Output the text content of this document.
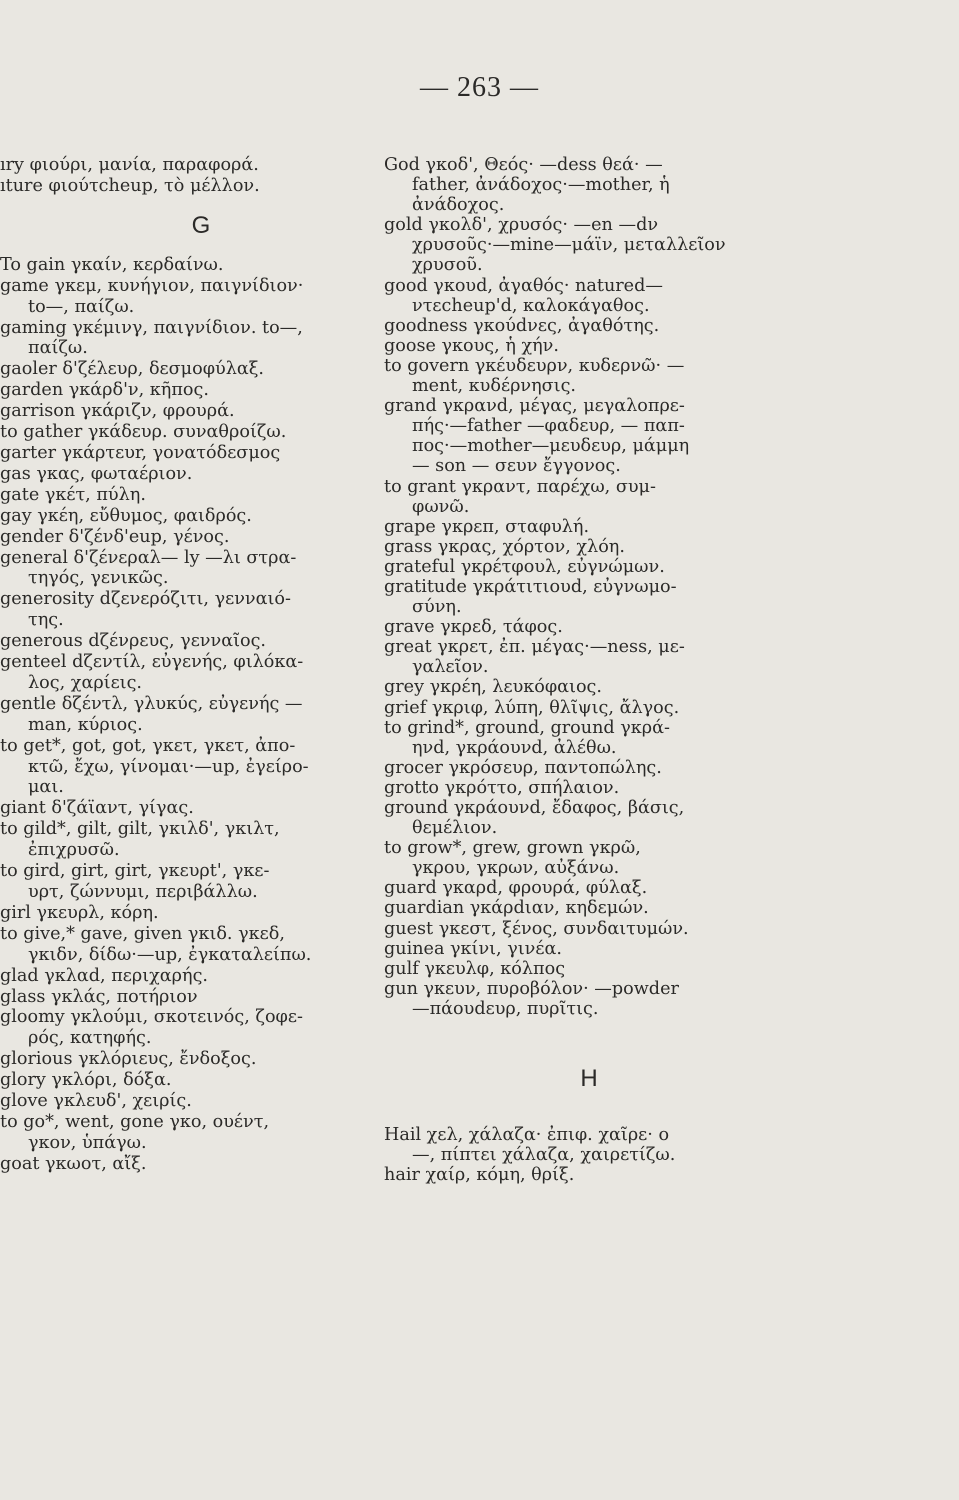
— 263 —
ıry φιούρι, μανία, παραφορά.
ıture φιούτcheup, τὸ μέλλον.
G
To gain γκαίν, κερδαίνω.
game γκεμ, κυνήγιον, παιγνίδιον·
to—, παίζω.
gaming γκέμινγ, παιγνίδιον. to—,
παίζω.
gaoler δ'ζέλευρ, δεσμοφύλαξ.
garden γκάρδ'ν, κῆπος.
garrison γκάριζν, φρουρά.
to gather γκάδευρ. συναθροίζω.
garter γκάρτευr, γονατόδεσμος
gas γκας, φωταέριον.
gate γκέτ, πύλη.
gay γκέη, εὔθυμος, φαιδρός.
gender δ'ζένδ'eup, γένος.
general δ'ζένεραλ— ly —λι στρα-
τηγός, γενικῶς.
generosity dζενερόζιτι, γενναιό-
της.
generous dζένρευς, γενναῖος.
genteel dζεντίλ, εὐγενής, φιλόκα-
λος, χαρίεις.
gentle δζέντλ, γλυκύς, εὐγενής —
man, κύριος.
to get*, got, got, γκετ, γκετ, ἀπο-
κτῶ, ἔχω, γίνομαι·—up, ἐγείρο-
μαι.
giant δ'ζάϊαντ, γίγας.
to gild*, gilt, gilt, γκιλδ', γκιλτ,
ἐπιχρυσῶ.
to gird, girt, girt, γκευρt', γκε-
υρτ, ζώννυμι, περιβάλλω.
girl γκευρλ, κόρη.
to give,* gave, given γκιδ. γκεδ,
γκιδν, δίδω·—up, ἐγκαταλείπω.
glad γκλαd, περιχαρής.
glass γκλάς, ποτήριον
gloomy γκλούμι, σκοτεινός, ζοφε-
ρός, κατηφής.
glorious γκλόριευς, ἔνδοξος.
glory γκλόρι, δόξα.
glove γκλευδ', χειρίς.
to go*, went, gone γκο, ουέντ,
γκον, ὑπάγω.
goat γκωοτ, αἴξ.
God γκοδ', Θεός· —dess θεά· —
father, ἀνάδοχος·—mother, ἡ
ἀνάδοχος.
gold γκολδ', χρυσός· —en —dν
χρυσοῦς·—mine—μάϊν, μεταλλεῖον
χρυσοῦ.
good γκουd, ἀγαθός· natured—
ντεcheup'd, καλοκάγαθος.
goodness γκούdνες, ἀγαθότης.
goose γκους, ἡ χήν.
to govern γκέυδευρν, κυδερνῶ· —
ment, κυδέρνησις.
grand γκρανd, μέγας, μεγαλοπρε-
πής·—father —φαδευρ, — παπ-
πος·—mother—μευδευρ, μάμμη
— son — σευν ἔγγονος.
to grant γκραντ, παρέχω, συμ-
φωνῶ.
grape γκρεπ, σταφυλή.
grass γκρας, χόρτον, χλόη.
grateful γκρέτφουλ, εὐγνώμων.
gratitude γκράτιτιουd, εὐγνωμο-
σύνη.
grave γκρεδ, τάφος.
great γκρετ, ἐπ. μέγας·—ness, με-
γαλεῖον.
grey γκρέη, λευκόφαιος.
grief γκριφ, λύπη, θλῖψις, ἄλγος.
to grind*, ground, ground γκρά-
ηνd, γκράουνd, ἀλέθω.
grocer γκρόσευρ, παντοπώλης.
grotto γκρόττο, σπήλαιον.
ground γκράουνd, ἔδαφος, βάσις,
θεμέλιον.
to grow*, grew, grown γκρῶ,
γκρου, γκρων, αὐξάνω.
guard γκαρd, φρουρά, φύλαξ.
guardian γκάρdιαν, κηδεμών.
guest γκεστ, ξένος, συνδαιτυμών.
guinea γκίνι, γινέα.
gulf γκευλφ, κόλπος
gun γκευν, πυροβόλον· —powder
—πάουdευρ, πυρῖτις.
H
Hail χελ, χάλαζα· ἐπιφ. χαῖρε· o
—, πίπτει χάλαζα, χαιρετίζω.
hair χαίρ, κόμη, θρίξ.
